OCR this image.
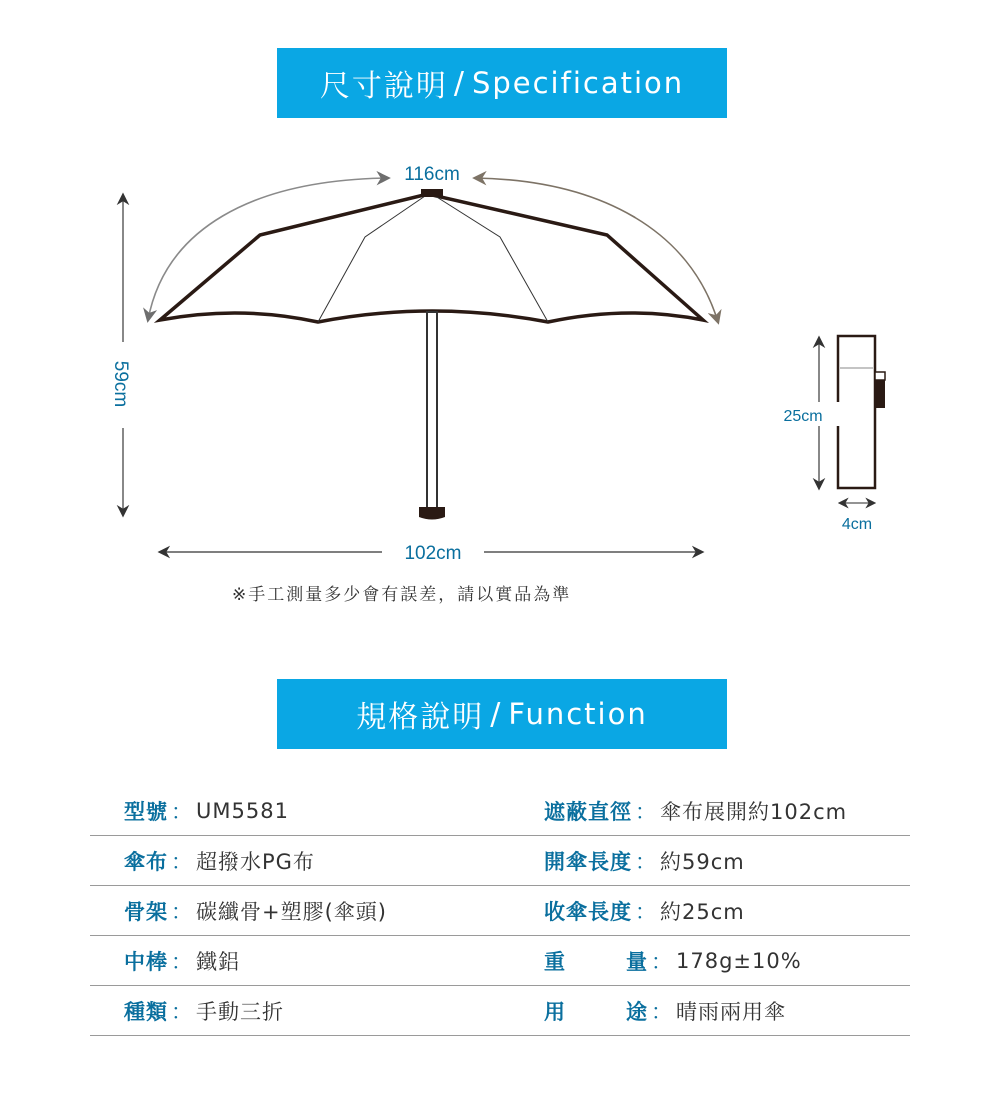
尺寸說明 / Specification
116cm
59cm
102cm
25cm
4cm
※手工測量多少會有誤差，請以實品為準
規格說明 / Function
型號 ： UM5581	遮蔽直徑 ： 傘布展開約102cm
傘布 ： 超撥水PG布	開傘長度 ： 約59cm
骨架 ： 碳纖骨+塑膠(傘頭)	收傘長度 ： 約25cm
中棒 ： 鐵鋁	重	量 ： 178g±10%
種類 ： 手動三折	用	途 ： 晴雨兩用傘
